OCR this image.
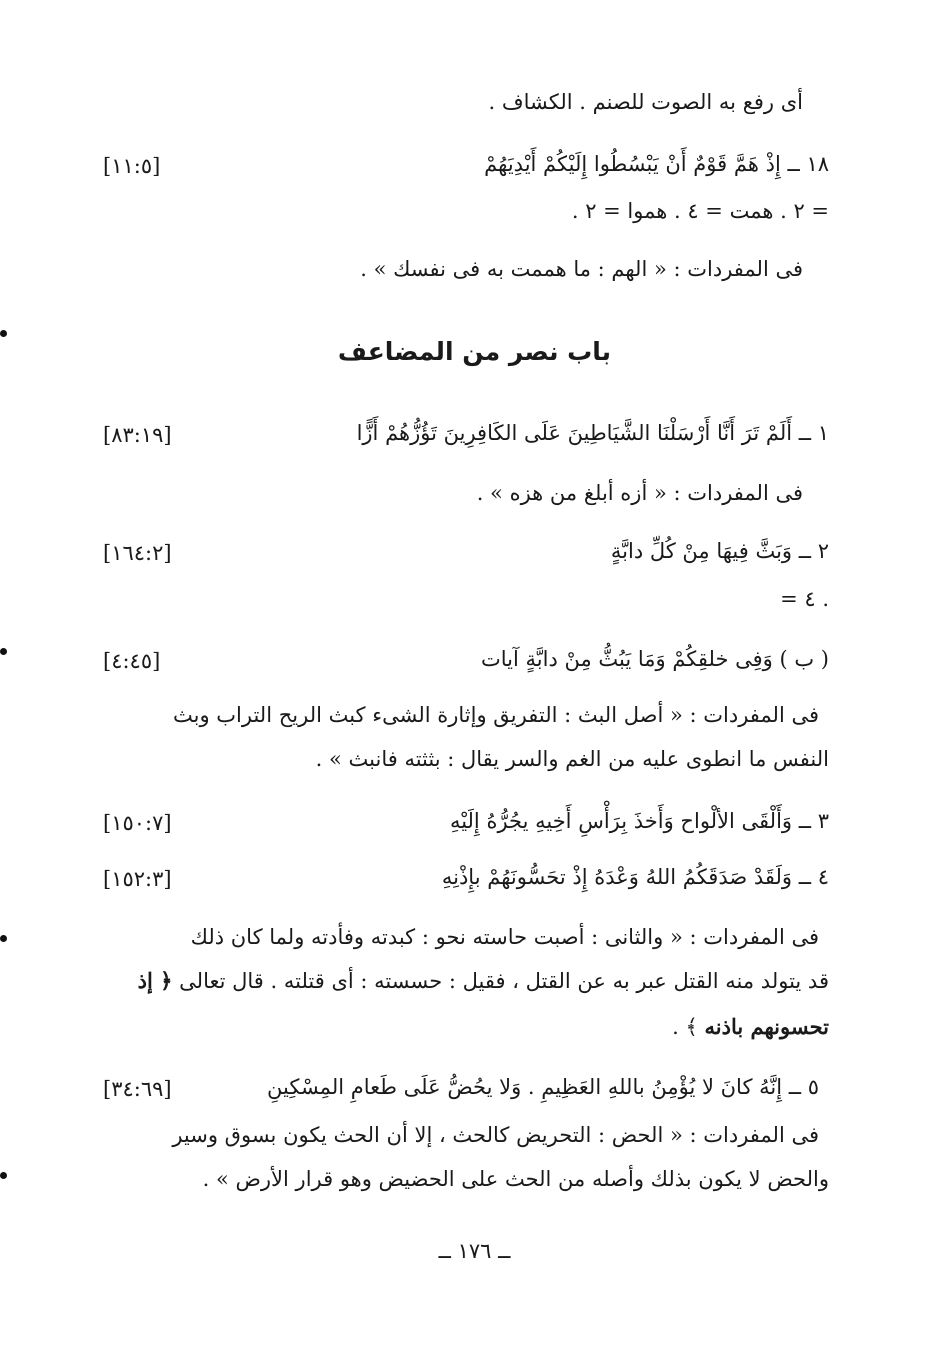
أى رفع به الصوت للصنم . الكشاف .
١٨ ــ إِذْ هَمَّ قَوْمٌ أَنْ يَبْسُطُوا إِلَيْكُمْ أَيْدِيَهُمْ
[١١:٥]
= ٢ . همت = ٤ . هموا = ٢ .
فى المفردات : « الهم : ما هممت به فى نفسك » .
باب نصر من المضاعف
١ ــ أَلَمْ تَرَ أَنَّا أَرْسَلْنَا الشَّيَاطِينَ عَلَى الكَافِرِينَ تَؤُزُّهُمْ أَزًّا
[٨٣:١٩]
فى المفردات : « أزه أبلغ من هزه » .
٢ ــ وَبَثَّ فِيهَا مِنْ كُلِّ دابَّةٍ
[١٦٤:٢]
= ٤ .
( ب ) وَفِى خلقِكُمْ وَمَا يَبُثُّ مِنْ دابَّةٍ آيات
[٤:٤٥]
فى المفردات : « أصل البث : التفريق وإثارة الشىء كبث الريح التراب وبث
النفس ما انطوى عليه من الغم والسر يقال : بثثته فانبث » .
٣ ــ وَأَلْقَى الألْواح وَأَخذَ بِرَأْسِ أَخِيهِ يجُرُّهُ إِلَيْهِ
[١٥٠:٧]
٤ ــ وَلَقَدْ صَدَقَكُمُ اللهُ وَعْدَهُ إِذْ تحَسُّونَهُمْ بإِذْنِهِ
[١٥٢:٣]
فى المفردات : « والثانى : أصبت حاسته نحو : كبدته وفأدته ولما كان ذلك
قد يتولد منه القتل عبر به عن القتل ، فقيل : حسسته : أى قتلته . قال تعالى ﴿ إذ
تحسونهم باذنه ﴾ .
٥ ــ إِنَّهُ كانَ لا يُؤْمِنُ باللهِ العَظِيمِ . وَلا يحُضُّ عَلَى طَعامِ المِسْكِينِ
[٣٤:٦٩]
فى المفردات : « الحض : التحريض كالحث ، إلا أن الحث يكون بسوق وسير
والحض لا يكون بذلك وأصله من الحث على الحضيض وهو قرار الأرض » .
ــ ١٧٦ ــ
